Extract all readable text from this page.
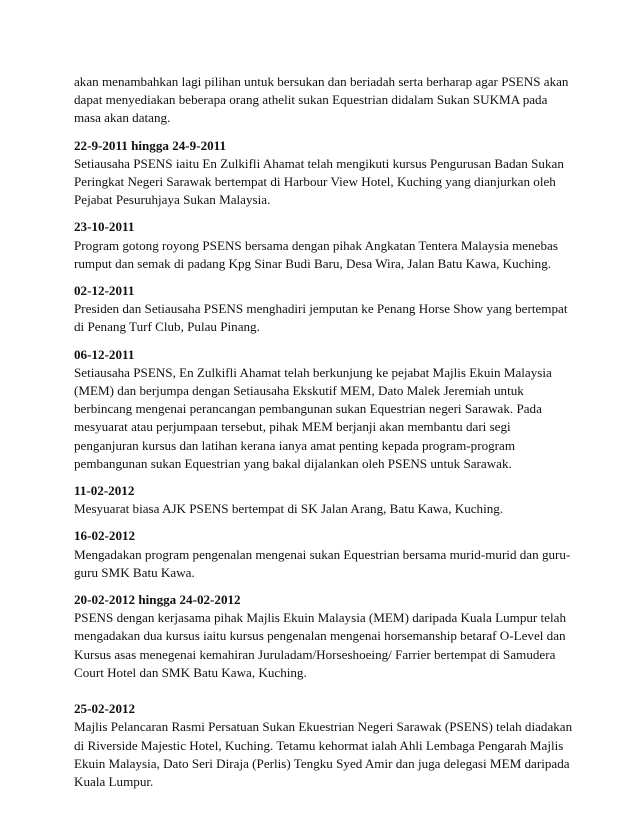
akan menambahkan lagi pilihan untuk bersukan dan beriadah serta berharap agar PSENS akan dapat menyediakan beberapa orang athelit sukan Equestrian didalam Sukan SUKMA pada masa akan datang.

22-9-2011 hingga 24-9-2011
Setiausaha PSENS iaitu En Zulkifli Ahamat telah mengikuti kursus Pengurusan Badan Sukan Peringkat Negeri Sarawak bertempat di Harbour View Hotel, Kuching yang dianjurkan oleh Pejabat Pesuruhjaya Sukan Malaysia.
23-10-2011
Program gotong royong PSENS bersama dengan pihak Angkatan Tentera Malaysia menebas rumput dan semak di padang Kpg Sinar Budi Baru, Desa Wira, Jalan Batu Kawa, Kuching.
02-12-2011
Presiden dan Setiausaha PSENS menghadiri jemputan ke Penang Horse Show yang bertempat di Penang Turf Club, Pulau Pinang.
06-12-2011
Setiausaha PSENS, En Zulkifli Ahamat telah berkunjung ke pejabat Majlis Ekuin Malaysia (MEM) dan berjumpa dengan Setiausaha Ekskutif MEM, Dato Malek Jeremiah untuk berbincang mengenai perancangan pembangunan sukan Equestrian negeri Sarawak. Pada mesyuarat atau perjumpaan tersebut, pihak MEM berjanji akan membantu dari segi penganjuran kursus dan latihan kerana ianya amat penting kepada program-program pembangunan sukan Equestrian yang bakal dijalankan oleh PSENS untuk Sarawak.
11-02-2012
Mesyuarat biasa AJK PSENS bertempat di SK Jalan Arang, Batu Kawa, Kuching.
16-02-2012
Mengadakan program pengenalan mengenai sukan Equestrian bersama murid-murid dan guru-guru SMK Batu Kawa.
20-02-2012 hingga 24-02-2012
PSENS dengan kerjasama pihak Majlis Ekuin Malaysia (MEM) daripada Kuala Lumpur telah mengadakan dua kursus iaitu kursus pengenalan mengenai horsemanship betaraf O-Level dan Kursus asas menegenai kemahiran Juruladam/Horseshoeing/ Farrier bertempat di Samudera Court Hotel dan SMK Batu Kawa, Kuching.
25-02-2012
Majlis Pelancaran Rasmi Persatuan Sukan Ekuestrian Negeri Sarawak (PSENS) telah diadakan di Riverside Majestic Hotel, Kuching. Tetamu kehormat ialah Ahli Lembaga Pengarah Majlis Ekuin Malaysia, Dato Seri Diraja (Perlis) Tengku Syed Amir dan juga delegasi MEM daripada Kuala Lumpur.
